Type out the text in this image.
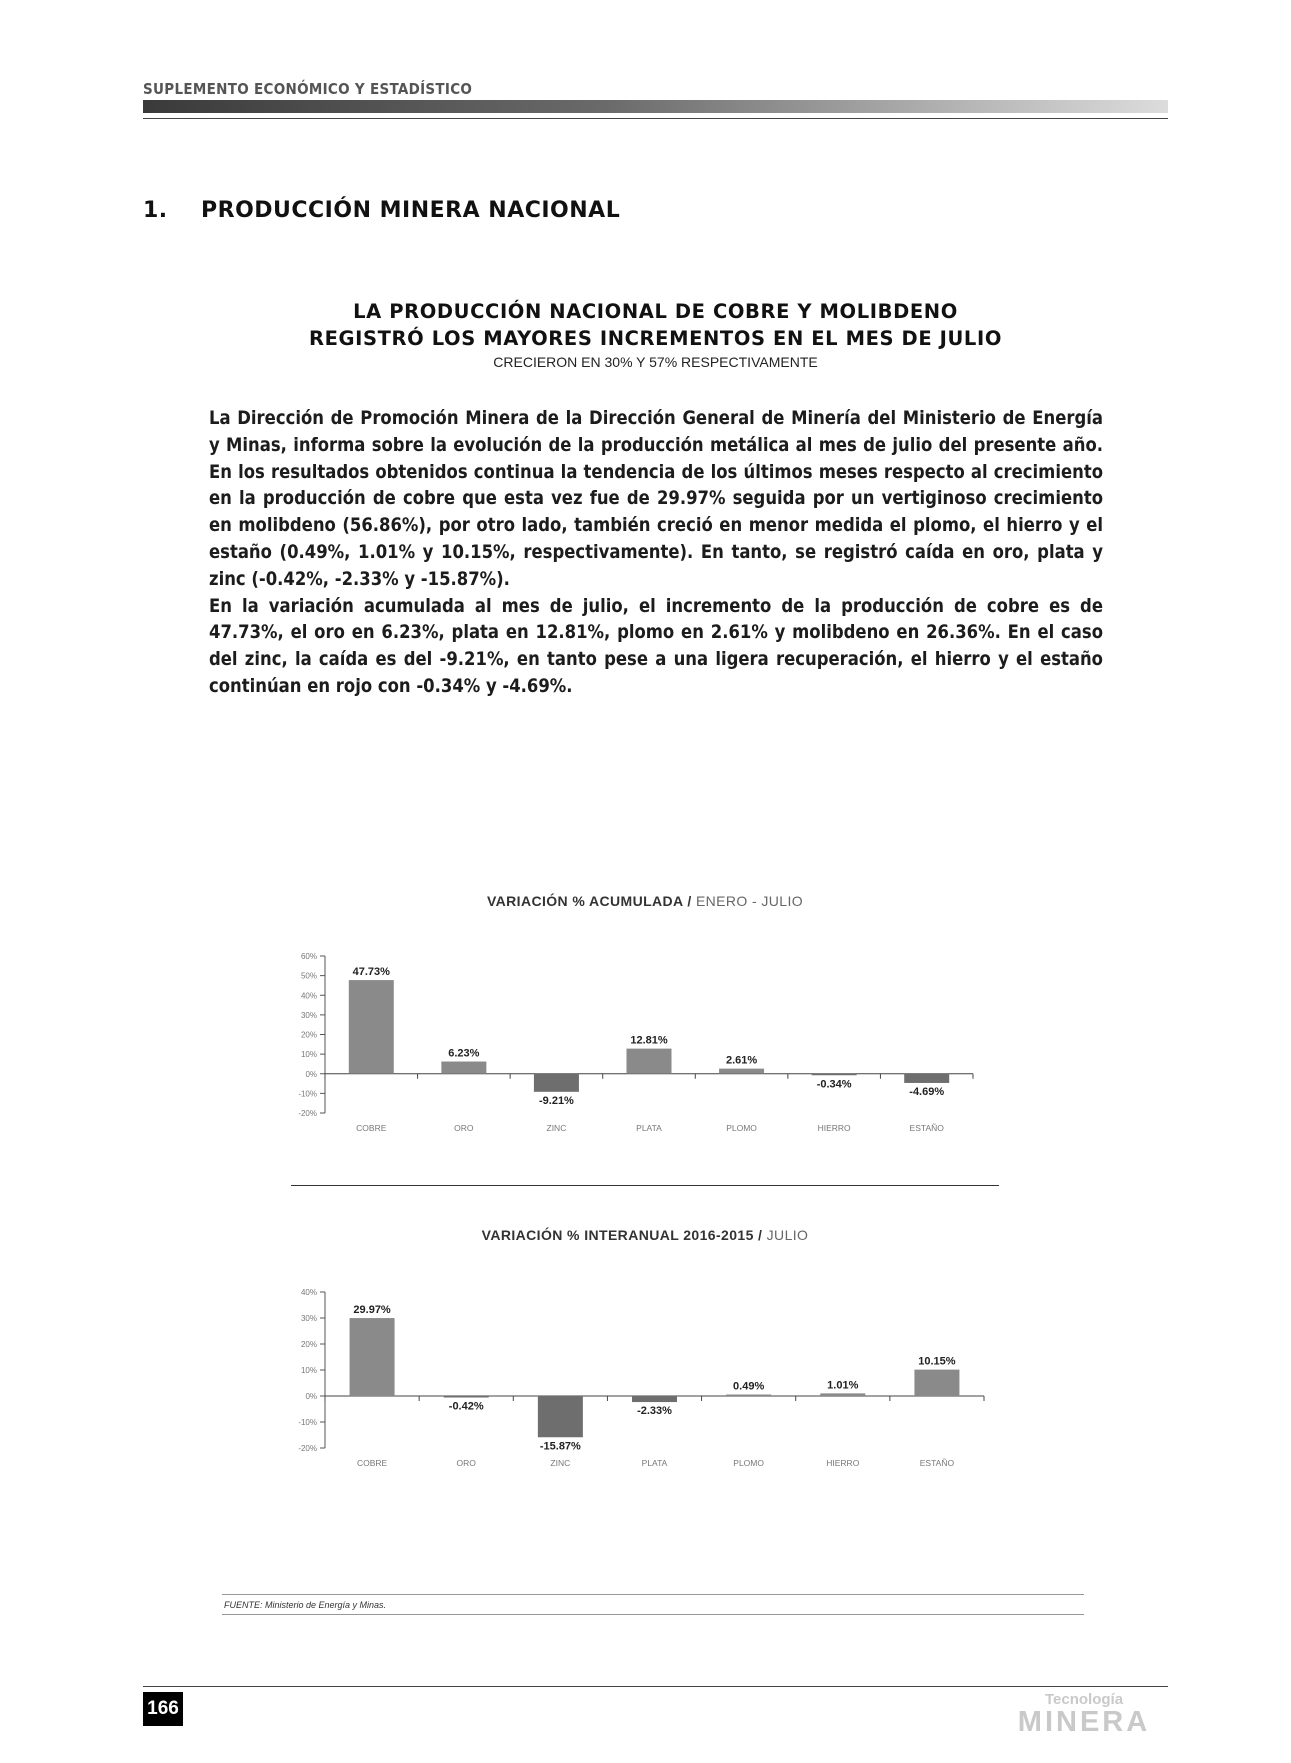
SUPLEMENTO ECONÓMICO Y ESTADÍSTICO
1. PRODUCCIÓN MINERA NACIONAL
LA PRODUCCIÓN NACIONAL DE COBRE Y MOLIBDENO
REGISTRÓ LOS MAYORES INCREMENTOS EN EL MES DE JULIO
CRECIERON EN 30% Y 57% RESPECTIVAMENTE

La Dirección de Promoción Minera de la Dirección General de Minería del Ministerio de Energía y Minas, informa sobre la evolución de la producción metálica al mes de julio del presente año. En los resultados obtenidos continua la tendencia de los últimos meses respecto al crecimiento en la producción de cobre que esta vez fue de 29.97% seguida por un vertiginoso crecimiento en molibdeno (56.86%), por otro lado, también creció en menor medida el plomo, el hierro y el estaño (0.49%, 1.01% y 10.15%, respectivamente). En tanto, se registró caída en oro, plata y zinc (-0.42%, -2.33% y -15.87%).

En la variación acumulada al mes de julio, el incremento de la producción de cobre es de 47.73%, el oro en 6.23%, plata en 12.81%, plomo en 2.61% y molibdeno en 26.36%. En el caso del zinc, la caída es del -9.21%, en tanto pese a una ligera recuperación, el hierro y el estaño continúan en rojo con -0.34% y -4.69%.

VARIACIÓN % ACUMULADA / ENERO - JULIO
60%
50%
40%
30%
20%
10%
0%
-10%
-20%
47.73%
COBRE
6.23%
ORO
-9.21%
ZINC
12.81%
PLATA
2.61%
PLOMO
-0.34%
HIERRO
-4.69%
ESTAÑO
VARIACIÓN % INTERANUAL 2016-2015 / JULIO
40%
30%
20%
10%
0%
-10%
-20%
29.97%
COBRE
-0.42%
ORO
-15.87%
ZINC
-2.33%
PLATA
0.49%
PLOMO
1.01%
HIERRO
10.15%
ESTAÑO
FUENTE: Ministerio de Energía y Minas.
166	Tecnología
MINERA
